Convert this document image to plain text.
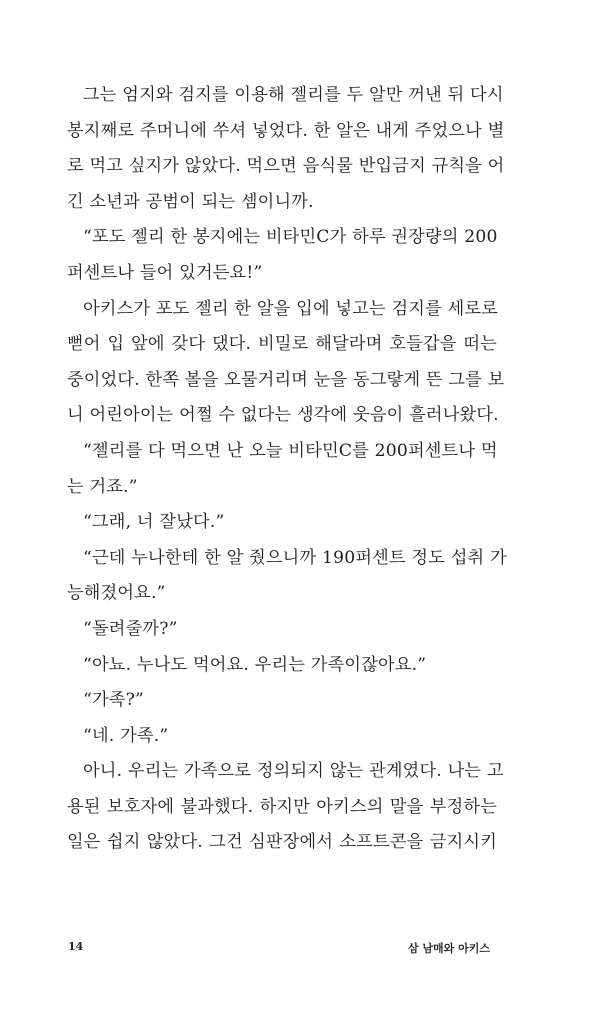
그는 엄지와 검지를 이용해 젤리를 두 알만 꺼낸 뒤 다시
봉지째로 주머니에 쑤셔 넣었다. 한 알은 내게 주었으나 별
로 먹고 싶지가 않았다. 먹으면 음식물 반입금지 규칙을 어
긴 소년과 공범이 되는 셈이니까.
“포도 젤리 한 봉지에는 비타민C가 하루 권장량의 200
퍼센트나 들어 있거든요!”
아키스가 포도 젤리 한 알을 입에 넣고는 검지를 세로로
뻗어 입 앞에 갖다 댔다. 비밀로 해달라며 호들갑을 떠는
중이었다. 한쪽 볼을 오물거리며 눈을 동그랗게 뜬 그를 보
니 어린아이는 어쩔 수 없다는 생각에 웃음이 흘러나왔다.
“젤리를 다 먹으면 난 오늘 비타민C를 200퍼센트나 먹
는 거죠.”
“그래, 너 잘났다.”
“근데 누나한테 한 알 줬으니까 190퍼센트 정도 섭취 가
능해졌어요.”
“돌려줄까?”
“아뇨. 누나도 먹어요. 우리는 가족이잖아요.”
“가족?”
“네. 가족.”
아니. 우리는 가족으로 정의되지 않는 관계였다. 나는 고
용된 보호자에 불과했다. 하지만 아키스의 말을 부정하는
일은 쉽지 않았다. 그건 심판장에서 소프트콘을 금지시키
14	삼 남매와 아키스
